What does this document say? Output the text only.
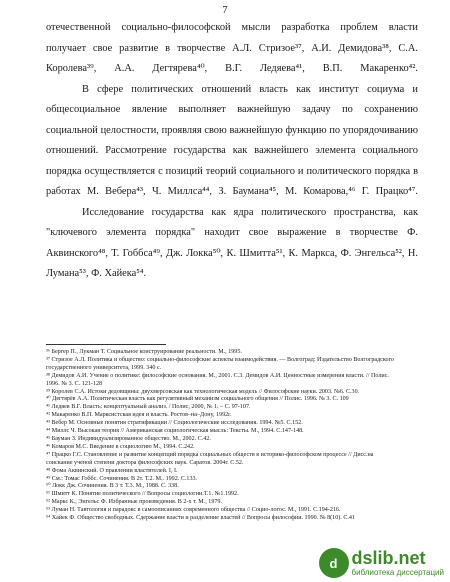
7

отечественной социально-философской мысли разработка проблем власти получает свое развитие в творчестве А.Л. Стризое³⁷, А.И. Демидова³⁸, С.А. Королева³⁹, А.А. Дегтярева⁴⁰, В.Г. Ледяева⁴¹, В.П. Макаренко⁴².

В сфере политических отношений власть как институт социума и общесоциальное явление выполняет важнейшую задачу по сохранению социальной целостности, проявляя свою важнейшую функцию по упорядочиванию отношений. Рассмотрение государства как важнейшего элемента социального порядка осуществляется с позиций теорий социального и политического порядка в работах М. Вебера⁴³, Ч. Миллса⁴⁴, З. Баумана⁴⁵, М. Комарова,⁴⁶ Г. Працко⁴⁷.

Исследование государства как ядра политического пространства, как "ключевого элемента порядка" находит свое выражение в творчестве Ф. Аквинского⁴⁸, Т. Гоббса⁴⁹, Дж. Локка⁵⁰, К. Шмитта⁵¹, К. Маркса, Ф. Энгельса⁵², Н. Лумана⁵³, Ф. Хайека⁵⁴.

³⁶ Бергер П., Лукман Т. Социальное конструирование реальности. М., 1995.

³⁷ Стризое А.Л. Политика и общество: социально-философские аспекты взаимодействия. — Волгоград: Издательство Волгоградского государственного университета, 1999. 340 с.

³⁸ Демидов А.И. Учение о политике: философские основания. М., 2001. С.3. Демидов А.И. Ценностные измерения власти. // Полис. 1996. № 3. С. 121-128

³⁹ Королев С.А. Истоки дедовщины: двухмерсовская как технологическая модель // Философские науки. 2003. №6. С.30.

⁴⁰ Дегтярёв А.А. Политическая власть как регулятивный механизм социального общения // Полис. 1996. № 3. С. 109

⁴¹ Ледяев В.Г. Власть: концептуальный анализ. / Полис, 2000, № 1. – С. 97-107.

⁴² Макаренко В.П. Марксистская идея и власть. Ростов–на–Дону, 1992г.

⁴³ Вебер М. Основные понятия стратификации // Социологические исследования. 1994. №5. С.152.

⁴⁴ Миллс Ч. Высокая теория // Американская социологическая мысль: Тексты. М., 1994. С.147-148.

⁴⁵ Бауман З. Индивидуализированное общество. М., 2002. С.42.

⁴⁶ Комаров М.С. Введение в социологию М., 1994. С.242.

⁴⁷ Працко Г.С. Становление и развитие концепций порядка социальных обществ в историко-философском процессе // Дисс.на соискание ученой степени доктора философских наук. Саратов. 2004г. С.52.

⁴⁸ Фома Аквинский. О правлении властителей. І, І.

⁴⁹ См.: Томас Гоббс. Сочинения. В 2т. Т.2. М.. 1992. С.133.

⁵⁰ Локк Дж. Сочинения. В 3 т. Т.3. М., 1988. С. 338.

⁵¹ Шмитт К. Понятие политического // Вопросы социологии.Т.1. №1.1992.

⁵² Маркс К., Энгельс Ф. Избранные произведения. В 2-х т. М., 1979.

⁵³ Луман Н. Тавтология и парадокс в самоописаниях современного общества // Социо-логос. М., 1991. С.194-216.

⁵⁴ Хайек Ф. Общество свободных. Сдержание власти и разделение властей // Вопросы философии. 1990. № 8(10). С.41

d dslib.net
библиотека диссертаций
